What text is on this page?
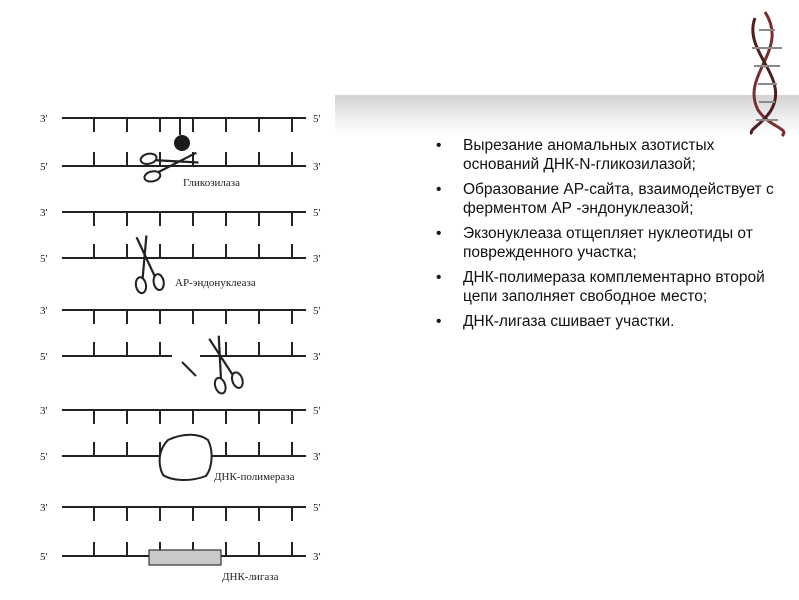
3'	5'
5'	3'
3'	5'
5'	3'
3'	5'
5'	3'
3'	5'
5'	3'
3'	5'
5'	3'
Гликозилаза
АР-эндонуклеаза
ДНК-полимераза
ДНК-лигаза
• Вырезание аномальных азотистых оснований ДНК-N-гликозилазой;
• Образование АР-сайта, взаимодействует с ферментом АР -эндонуклеазой;
• Экзонуклеаза отщепляет нуклеотиды от поврежденного участка;
• ДНК-полимераза комплементарно второй цепи заполняет свободное место;
• ДНК-лигаза сшивает участки.
